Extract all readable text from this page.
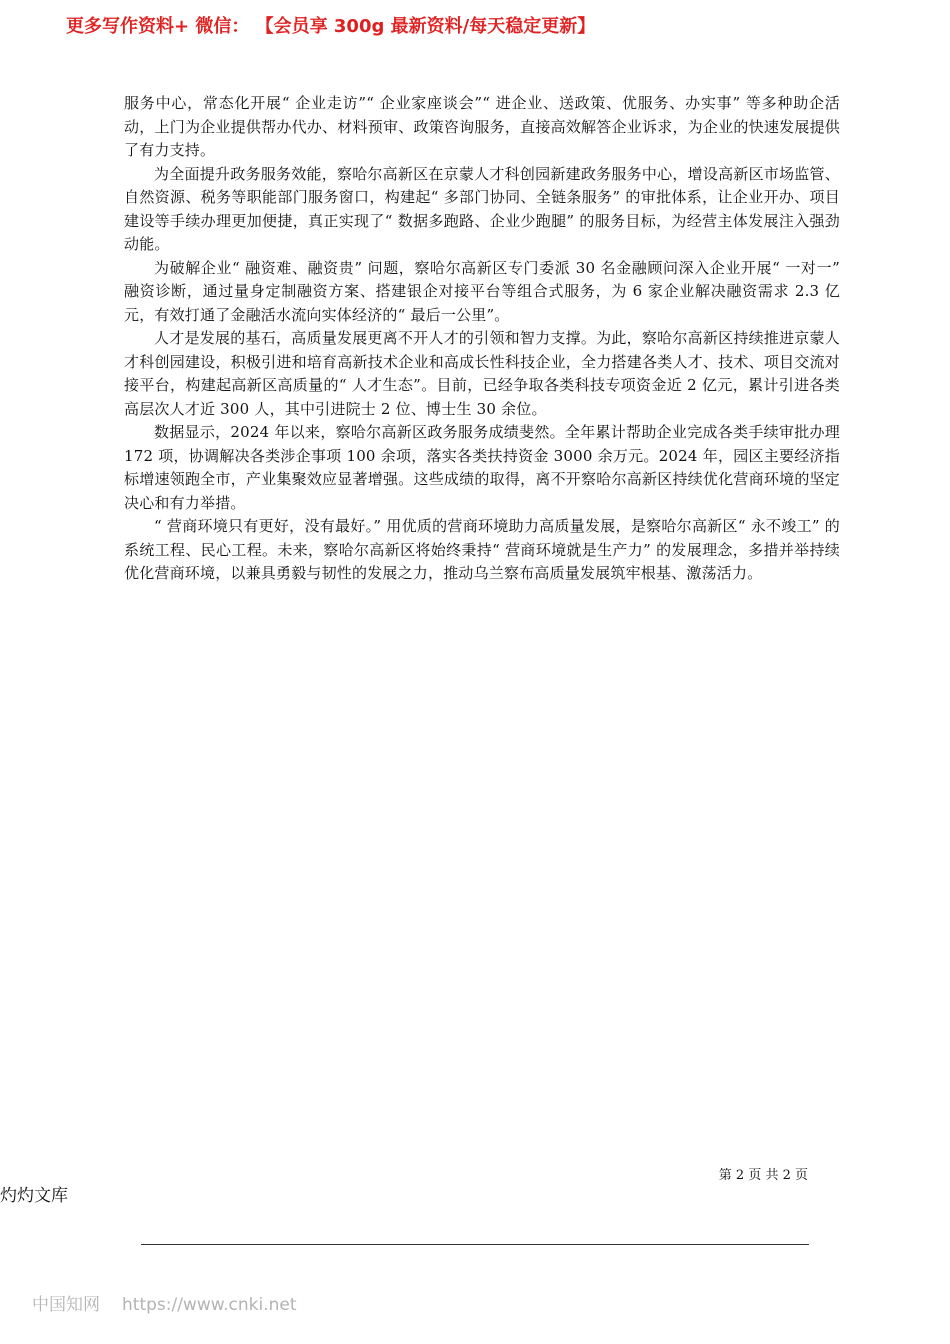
更多写作资料+ 微信： 【会员享 300g 最新资料/每天稳定更新】

服务中心，常态化开展“ 企业走访”“ 企业家座谈会”“ 进企业、送政策、优服务、办实事” 等多种助企活动，上门为企业提供帮办代办、材料预审、政策咨询服务，直接高效解答企业诉求，为企业的快速发展提供了有力支持。

为全面提升政务服务效能，察哈尔高新区在京蒙人才科创园新建政务服务中心，增设高新区市场监管、自然资源、税务等职能部门服务窗口，构建起“ 多部门协同、全链条服务” 的审批体系，让企业开办、项目建设等手续办理更加便捷，真正实现了“ 数据多跑路、企业少跑腿” 的服务目标，为经营主体发展注入强劲动能。

为破解企业“ 融资难、融资贵” 问题，察哈尔高新区专门委派 30 名金融顾问深入企业开展“ 一对一” 融资诊断，通过量身定制融资方案、搭建银企对接平台等组合式服务，为 6 家企业解决融资需求 2.3 亿元，有效打通了金融活水流向实体经济的“ 最后一公里”。

人才是发展的基石，高质量发展更离不开人才的引领和智力支撑。为此，察哈尔高新区持续推进京蒙人才科创园建设，积极引进和培育高新技术企业和高成长性科技企业，全力搭建各类人才、技术、项目交流对接平台，构建起高新区高质量的“ 人才生态”。目前，已经争取各类科技专项资金近 2 亿元，累计引进各类高层次人才近 300 人，其中引进院士 2 位、博士生 30 余位。

数据显示，2024 年以来，察哈尔高新区政务服务成绩斐然。全年累计帮助企业完成各类手续审批办理 172 项，协调解决各类涉企事项 100 余项，落实各类扶持资金 3000 余万元。2024 年，园区主要经济指标增速领跑全市，产业集聚效应显著增强。这些成绩的取得，离不开察哈尔高新区持续优化营商环境的坚定决心和有力举措。

“ 营商环境只有更好，没有最好。” 用优质的营商环境助力高质量发展，是察哈尔高新区“ 永不竣工” 的系统工程、民心工程。未来，察哈尔高新区将始终秉持“ 营商环境就是生产力” 的发展理念，多措并举持续优化营商环境，以兼具勇毅与韧性的发展之力，推动乌兰察布高质量发展筑牢根基、激荡活力。

第 2 页 共 2 页
灼灼文库
中国知网 https://www.cnki.net
